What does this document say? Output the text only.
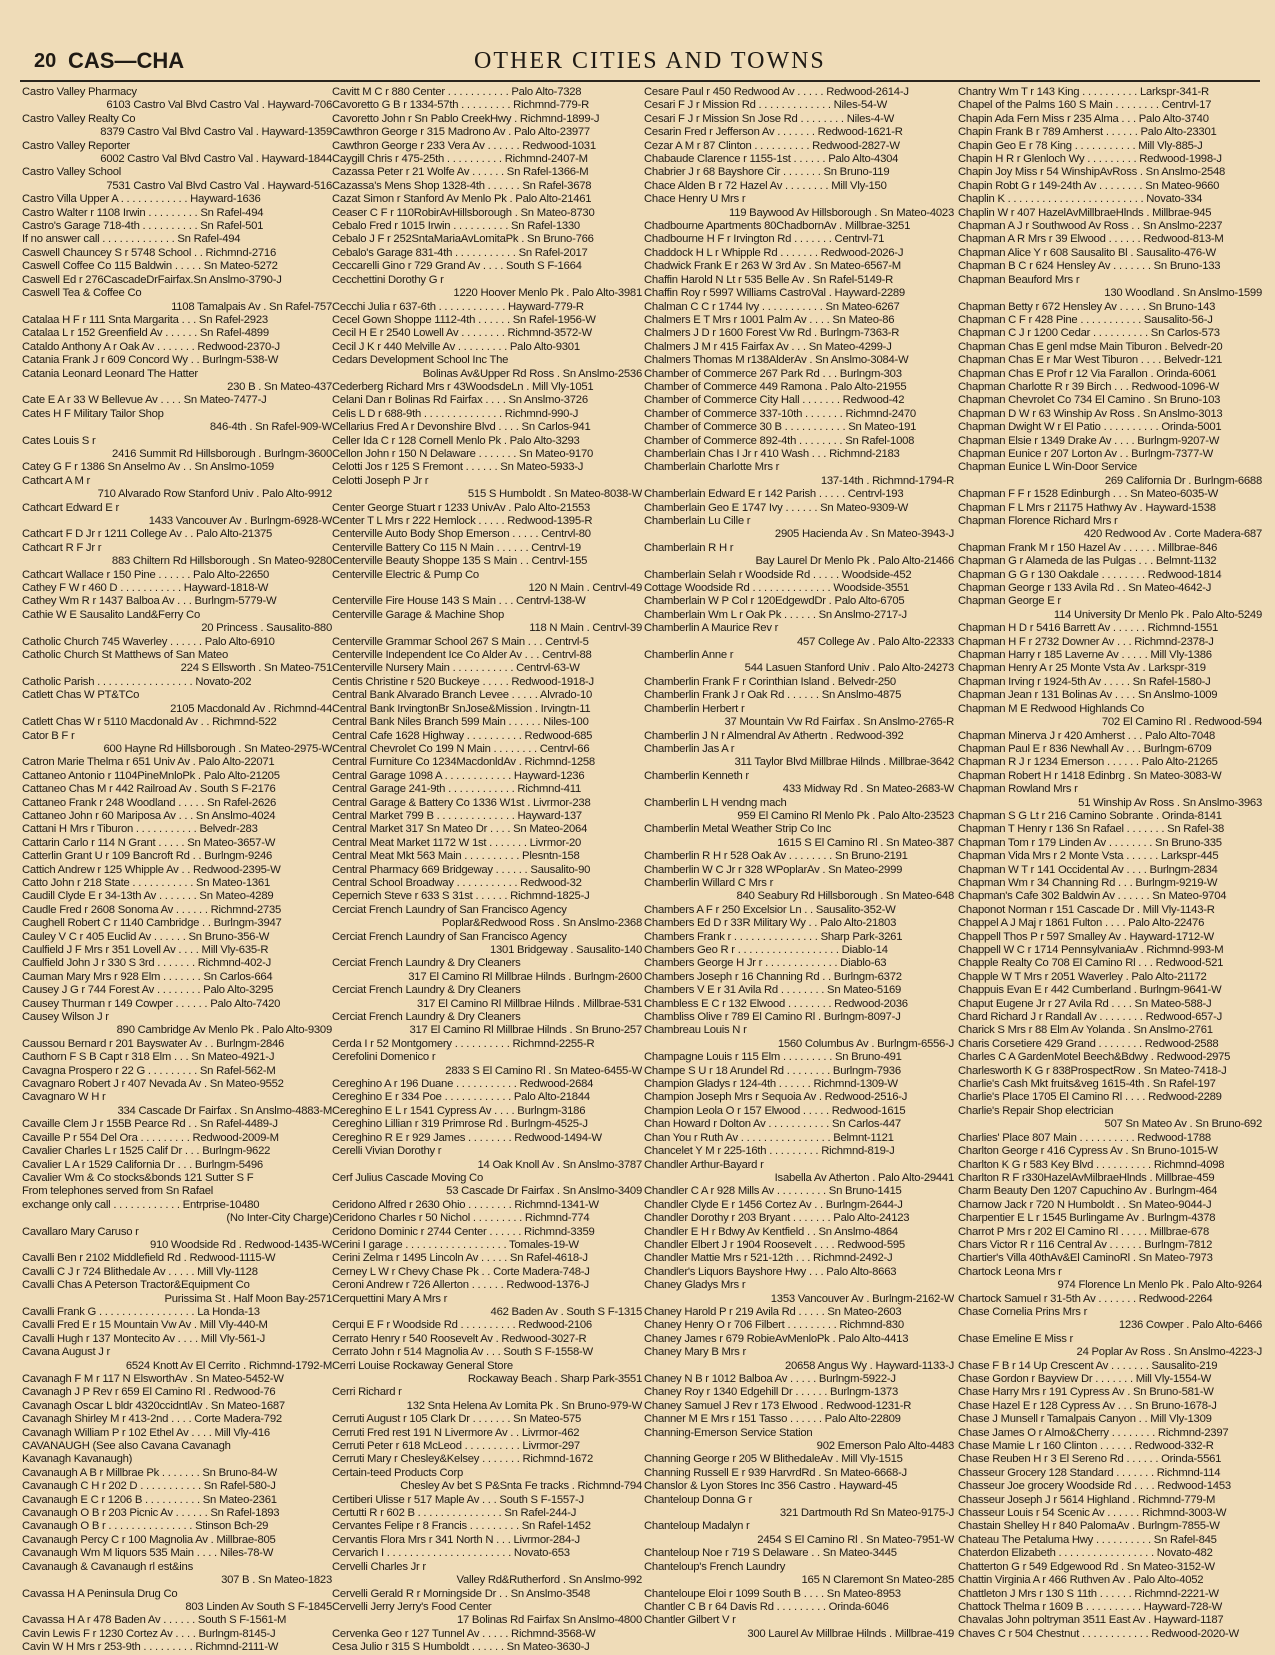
20 CAS—CHA	OTHER CITIES AND TOWNS
Castro Valley Pharmacy
6103 Castro Val Blvd Castro Val . Hayward-706
Castro Valley Realty Co
8379 Castro Val Blvd Castro Val . Hayward-1359
Castro Valley Reporter
6002 Castro Val Blvd Castro Val . Hayward-1844
Castro Valley School
7531 Castro Val Blvd Castro Val . Hayward-516
Castro Villa Upper A . . . . . . . . . . . . Hayward-1636
Castro Walter r 1108 Irwin . . . . . . . . . Sn Rafel-494
Castro's Garage 718-4th . . . . . . . . . . Sn Rafel-501
If no answer call . . . . . . . . . . . . . Sn Rafel-494
Caswell Chauncey S r 5748 School . . Richmnd-2716
Caswell Coffee Co 115 Baldwin . . . . . Sn Mateo-5272
Caswell Ed r 276CascadeDrFairfax.Sn Anslmo-3790-J
Caswell Tea & Coffee Co
1108 Tamalpais Av . Sn Rafel-757
Catalaa H F r 111 Snta Margarita . . . Sn Rafel-2923
Catalaa L r 152 Greenfield Av . . . . . . Sn Rafel-4899
Cataldo Anthony A r Oak Av . . . . . . . Redwood-2370-J
Catania Frank J r 609 Concord Wy . . Burlngm-538-W
Catania Leonard Leonard The Hatter
230 B . Sn Mateo-437
Cate E A r 33 W Bellevue Av . . . . Sn Mateo-7477-J
Cates H F Military Tailor Shop
846-4th . Sn Rafel-909-W
Cates Louis S r
2416 Summit Rd Hillsborough . Burlngm-3600
Catey G F r 1386 Sn Anselmo Av . . Sn Anslmo-1059
Cathcart A M r
710 Alvarado Row Stanford Univ . Palo Alto-9912
Cathcart Edward E r
1433 Vancouver Av . Burlngm-6928-W
Cathcart F D Jr r 1211 College Av . . Palo Alto-21375
Cathcart R F Jr r
883 Chiltern Rd Hillsborough . Sn Mateo-9280
Cathcart Wallace r 150 Pine . . . . . . Palo Alto-22650
Cathey F W r 460 D . . . . . . . . . . . Hayward-1818-W
Cathey Wm R r 1437 Balboa Av . . . Burlngm-5779-W
Cathie W E Sausalito Land&Ferry Co
20 Princess . Sausalito-880
Catholic Church 745 Waverley . . . . . . Palo Alto-6910
Catholic Church St Matthews of San Mateo
224 S Ellsworth . Sn Mateo-751
Catholic Parish . . . . . . . . . . . . . . . . . Novato-202
Catlett Chas W PT&TCo
2105 Macdonald Av . Richmnd-44
Catlett Chas W r 5110 Macdonald Av . . Richmnd-522
Cator B F r
600 Hayne Rd Hillsborough . Sn Mateo-2975-W
Catron Marie Thelma r 651 Univ Av . Palo Alto-22071
Cattaneo Antonio r 1104PineMnloPk . Palo Alto-21205
Cattaneo Chas M r 442 Railroad Av . South S F-2176
Cattaneo Frank r 248 Woodland . . . . . Sn Rafel-2626
Cattaneo John r 60 Mariposa Av . . . Sn Anslmo-4024
Cattani H Mrs r Tiburon . . . . . . . . . . . Belvedr-283
Cattarin Carlo r 114 N Grant . . . . . Sn Mateo-3657-W
Catterlin Grant U r 109 Bancroft Rd . . Burlngm-9246
Cattich Andrew r 125 Whipple Av . . Redwood-2395-W
Catto John r 218 State . . . . . . . . . . . Sn Mateo-1361
Caudill Clyde E r 34-13th Av . . . . . . . Sn Mateo-4289
Caudle Fred r 2608 Sonoma Av . . . . . . Richmnd-2735
Caughell Robert C r 1140 Cambridge . . Burlngm-3947
Cauley V C r 405 Euclid Av . . . . . . Sn Bruno-356-W
Caulfield J F Mrs r 351 Lovell Av . . . . Mill Vly-635-R
Caulfield John J r 330 S 3rd . . . . . . . Richmnd-402-J
Cauman Mary Mrs r 928 Elm . . . . . . . Sn Carlos-664
Causey J G r 744 Forest Av . . . . . . . . Palo Alto-3295
Causey Thurman r 149 Cowper . . . . . . Palo Alto-7420
Causey Wilson J r
890 Cambridge Av Menlo Pk . Palo Alto-9309
Caussou Bernard r 201 Bayswater Av . . Burlngm-2846
Cauthorn F S B Capt r 318 Elm . . . Sn Mateo-4921-J
Cavagna Prospero r 22 G . . . . . . . . . Sn Rafel-562-M
Cavagnaro Robert J r 407 Nevada Av . Sn Mateo-9552
Cavagnaro W H r
334 Cascade Dr Fairfax . Sn Anslmo-4883-M
Cavaille Clem J r 155B Pearce Rd . . Sn Rafel-4489-J
Cavaille P r 554 Del Ora . . . . . . . . . Redwood-2009-M
Cavalier Charles L r 1525 Calif Dr . . . Burlngm-9622
Cavalier L A r 1529 California Dr . . . Burlngm-5496
Cavalier Wm & Co stocks&bonds 121 Sutter S F
From telephones served from Sn Rafael
exchange only call . . . . . . . . . . . . Entrprise-10480
(No Inter-City Charge)
Cavallaro Mary Caruso r
910 Woodside Rd . Redwood-1435-W
Cavalli Ben r 2102 Middlefield Rd . Redwood-1115-W
Cavalli C J r 724 Blithedale Av . . . . . Mill Vly-1128
Cavalli Chas A Peterson Tractor&Equipment Co
Purissima St . Half Moon Bay-2571
Cavalli Frank G . . . . . . . . . . . . . . . . . La Honda-13
Cavalli Fred E r 15 Mountain Vw Av . Mill Vly-440-M
Cavalli Hugh r 137 Montecito Av . . . . Mill Vly-561-J
Cavana August J r
6524 Knott Av El Cerrito . Richmnd-1792-M
Cavanagh F M r 117 N ElsworthAv . Sn Mateo-5452-W
Cavanagh J P Rev r 659 El Camino Rl . Redwood-76
Cavanagh Oscar L bldr 4320ccidntlAv . Sn Mateo-1687
Cavanagh Shirley M r 413-2nd . . . . Corte Madera-792
Cavanagh William P r 102 Ethel Av . . . . Mill Vly-416
CAVANAUGH (See also Cavana Cavanagh
Kavanagh Kavanaugh)
Cavanaugh A B r Millbrae Pk . . . . . . . Sn Bruno-84-W
Cavanaugh C H r 202 D . . . . . . . . . . . Sn Rafel-580-J
Cavanaugh E C r 1206 B . . . . . . . . . . Sn Mateo-2361
Cavanaugh O B r 203 Picnic Av . . . . . . Sn Rafel-1893
Cavanaugh O B r . . . . . . . . . . . . . . . Stinson Bch-29
Cavanaugh Percy C r 100 Magnolia Av . Millbrae-805
Cavanaugh Wm M liquors 535 Main . . . . Niles-78-W
Cavanaugh & Cavanaugh rl est&ins
307 B . Sn Mateo-1823
Cavassa H A Peninsula Drug Co
803 Linden Av South S F-1845
Cavassa H A r 478 Baden Av . . . . . . South S F-1561-M
Cavin Lewis F r 1230 Cortez Av . . . . Burlngm-8145-J
Cavin W H Mrs r 253-9th . . . . . . . . . Richmnd-2111-W
Cavitt M C r 880 Center . . . . . . . . . . . Palo Alto-7328
Cavoretto G B r 1334-57th . . . . . . . . . Richmnd-779-R
Cavoretto John r Sn Pablo CreekHwy . Richmnd-1899-J
Cawthron George r 315 Madrono Av . Palo Alto-23977
Cawthron George r 233 Vera Av . . . . . . Redwood-1031
Caygill Chris r 475-25th . . . . . . . . . . Richmnd-2407-M
Cazassa Peter r 21 Wolfe Av . . . . . . Sn Rafel-1366-M
Cazassa's Mens Shop 1328-4th . . . . . . Sn Rafel-3678
Cazat Simon r Stanford Av Menlo Pk . Palo Alto-21461
Ceaser C F r 110RobirAvHillsborough . Sn Mateo-8730
Cebalo Fred r 1015 Irwin . . . . . . . . . . Sn Rafel-1330
Cebalo J F r 252SntaMariaAvLomitaPk . Sn Bruno-766
Cebalo's Garage 831-4th . . . . . . . . . . . Sn Rafel-2017
Ceccarelli Gino r 729 Grand Av . . . . South S F-1664
Cecchettini Dorothy G r
1220 Hoover Menlo Pk . Palo Alto-3981
Cecchi Julia r 637-6th . . . . . . . . . . . . Hayward-779-R
Cecel Gown Shoppe 1112-4th . . . . . . Sn Rafel-1956-W
Cecil H E r 2540 Lowell Av . . . . . . . . Richmnd-3572-W
Cecil J K r 440 Melville Av . . . . . . . . . Palo Alto-9301
Cedars Development School Inc The
Bolinas Av&Upper Rd Ross . Sn Anslmo-2536
Cederberg Richard Mrs r 43WoodsdeLn . Mill Vly-1051
Celani Dan r Bolinas Rd Fairfax . . . . Sn Anslmo-3726
Celis L D r 688-9th . . . . . . . . . . . . . . Richmnd-990-J
Cellarius Fred A r Devonshire Blvd . . . . Sn Carlos-941
Celler Ida C r 128 Cornell Menlo Pk . Palo Alto-3293
Cellon John r 150 N Delaware . . . . . . . Sn Mateo-9170
Celotti Jos r 125 S Fremont . . . . . . Sn Mateo-5933-J
Celotti Joseph P Jr r
515 S Humboldt . Sn Mateo-8038-W
Center George Stuart r 1233 UnivAv . Palo Alto-21553
Center T L Mrs r 222 Hemlock . . . . . Redwood-1395-R
Centerville Auto Body Shop Emerson . . . . . Centrvl-80
Centerville Battery Co 115 N Main . . . . . . Centrvl-19
Centerville Beauty Shoppe 135 S Main . . Centrvl-155
Centerville Electric & Pump Co
120 N Main . Centrvl-49
Centerville Fire House 143 S Main . . . Centrvl-138-W
Centerville Garage & Machine Shop
118 N Main . Centrvl-39
Centerville Grammar School 267 S Main . . . Centrvl-5
Centerville Independent Ice Co Alder Av . . . Centrvl-88
Centerville Nursery Main . . . . . . . . . . . Centrvl-63-W
Centis Christine r 520 Buckeye . . . . . Redwood-1918-J
Central Bank Alvarado Branch Levee . . . . . Alvrado-10
Central Bank IrvingtonBr SnJose&Mission . Irvingtn-11
Central Bank Niles Branch 599 Main . . . . . . Niles-100
Central Cafe 1628 Highway . . . . . . . . . . Redwood-685
Central Chevrolet Co 199 N Main . . . . . . . . Centrvl-66
Central Furniture Co 1234MacdonldAv . Richmnd-1258
Central Garage 1098 A . . . . . . . . . . . . Hayward-1236
Central Garage 241-9th . . . . . . . . . . . . Richmnd-411
Central Garage & Battery Co 1336 W1st . Livrmor-238
Central Market 799 B . . . . . . . . . . . . . . Hayward-137
Central Market 317 Sn Mateo Dr . . . . Sn Mateo-2064
Central Meat Market 1172 W 1st . . . . . . . Livrmor-20
Central Meat Mkt 563 Main . . . . . . . . . . Plesntn-158
Central Pharmacy 669 Bridgeway . . . . . . Sausalito-90
Central School Broadway . . . . . . . . . . . Redwood-32
Cepernich Steve r 633 S 31st . . . . . . Richmnd-1825-J
Cerciat French Laundry of San Francisco Agency
Poplar&Redwood Ross . Sn Anslmo-2368
Cerciat French Laundry of San Francisco Agency
1301 Bridgeway . Sausalito-140
Cerciat French Laundry & Dry Cleaners
317 El Camino Rl Millbrae Hilnds . Burlngm-2600
Cerciat French Laundry & Dry Cleaners
317 El Camino Rl Millbrae Hilnds . Millbrae-531
Cerciat French Laundry & Dry Cleaners
317 El Camino Rl Millbrae Hilnds . Sn Bruno-257
Cerda I r 52 Montgomery . . . . . . . . . . Richmnd-2255-R
Cerefolini Domenico r
2833 S El Camino Rl . Sn Mateo-6455-W
Cereghino A r 196 Duane . . . . . . . . . . . Redwood-2684
Cereghino E r 334 Poe . . . . . . . . . . . . Palo Alto-21844
Cereghino E L r 1541 Cypress Av . . . . Burlngm-3186
Cereghino Lillian r 319 Primrose Rd . Burlngm-4525-J
Cereghino R E r 929 James . . . . . . . . Redwood-1494-W
Cerelli Vivian Dorothy r
14 Oak Knoll Av . Sn Anslmo-3787
Cerf Julius Cascade Moving Co
53 Cascade Dr Fairfax . Sn Anslmo-3409
Ceridono Alfred r 2630 Ohio . . . . . . . . Richmnd-1341-W
Ceridono Charles r 50 Nichol . . . . . . . . . Richmnd-774
Ceridono Dominic r 2744 Center . . . . . . Richmnd-3359
Cerini I garage . . . . . . . . . . . . . . . . . . Tomales-19-W
Cerini Zelma r 1495 Lincoln Av . . . . . Sn Rafel-4618-J
Cerney L W r Chevy Chase Pk . . Corte Madera-748-J
Ceroni Andrew r 726 Allerton . . . . . . Redwood-1376-J
Cerquettini Mary A Mrs r
462 Baden Av . South S F-1315
Cerqui E F r Woodside Rd . . . . . . . . . . Redwood-2106
Cerrato Henry r 540 Roosevelt Av . Redwood-3027-R
Cerrato John r 514 Magnolia Av . . . South S F-1558-W
Cerri Louise Rockaway General Store
Rockaway Beach . Sharp Park-3551
Cerri Richard r
132 Snta Helena Av Lomita Pk . Sn Bruno-979-W
Cerruti August r 105 Clark Dr . . . . . . . Sn Mateo-575
Cerruti Fred rest 191 N Livermore Av . . Livrmor-462
Cerruti Peter r 618 McLeod . . . . . . . . . . Livrmor-297
Cerruti Mary r Chesley&Kelsey . . . . . . . Richmnd-1672
Certain-teed Products Corp
Chesley Av bet S P&Snta Fe tracks . Richmnd-794
Certiberi Ulisse r 517 Maple Av . . . South S F-1557-J
Certutti R r 602 B . . . . . . . . . . . . . . . Sn Rafel-244-J
Cervantes Felipe r 8 Francis . . . . . . . . . Sn Rafel-1452
Cervantis Flora Mrs r 341 North N . . . Livrmor-284-J
Cervarich I . . . . . . . . . . . . . . . . . . . . . . Novato-653
Cervelli Charles Jr r
Valley Rd&Rutherford . Sn Anslmo-992
Cervelli Gerald R r Morningside Dr . . Sn Anslmo-3548
Cervelli Jerry Jerry's Food Center
17 Bolinas Rd Fairfax Sn Anslmo-4800
Cervenka Geo r 127 Tunnel Av . . . . . Richmnd-3568-W
Cesa Julio r 315 S Humboldt . . . . . . Sn Mateo-3630-J
Cesare Paul r 450 Redwood Av . . . . . Redwood-2614-J
Cesari F J r Mission Rd . . . . . . . . . . . . . Niles-54-W
Cesari F J r Mission Sn Jose Rd . . . . . . . . Niles-4-W
Cesarin Fred r Jefferson Av . . . . . . . Redwood-1621-R
Cezar A M r 87 Clinton . . . . . . . . . . Redwood-2827-W
Chabaude Clarence r 1155-1st . . . . . . Palo Alto-4304
Chabrier J r 68 Bayshore Cir . . . . . . . Sn Bruno-119
Chace Alden B r 72 Hazel Av . . . . . . . . Mill Vly-150
Chace Henry U Mrs r
119 Baywood Av Hillsborough . Sn Mateo-4023
Chadbourne Apartments 80ChadbornAv . Millbrae-3251
Chadbourne H F r Irvington Rd . . . . . . . Centrvl-71
Chaddock H L r Whipple Rd . . . . . . . Redwood-2026-J
Chadwick Frank E r 263 W 3rd Av . Sn Mateo-6567-M
Chaffin Harold N Lt r 535 Belle Av . Sn Rafel-5149-R
Chaffin Roy r 5997 Williams CastroVal . Hayward-2289
Chalman C C r 1744 Ivy . . . . . . . . . . . Sn Mateo-6267
Chalmers E T Mrs r 1001 Palm Av . . . . Sn Mateo-86
Chalmers J D r 1600 Forest Vw Rd . Burlngm-7363-R
Chalmers J M r 415 Fairfax Av . . . Sn Mateo-4299-J
Chalmers Thomas M r138AlderAv . Sn Anslmo-3084-W
Chamber of Commerce 267 Park Rd . . . Burlngm-303
Chamber of Commerce 449 Ramona . Palo Alto-21955
Chamber of Commerce City Hall . . . . . . . Redwood-42
Chamber of Commerce 337-10th . . . . . . . Richmnd-2470
Chamber of Commerce 30 B . . . . . . . . . . . Sn Mateo-191
Chamber of Commerce 892-4th . . . . . . . . Sn Rafel-1008
Chamberlain Chas I Jr r 410 Wash . . . Richmnd-2183
Chamberlain Charlotte Mrs r
137-14th . Richmnd-1794-R
Chamberlain Edward E r 142 Parish . . . . . Centrvl-193
Chamberlain Geo E 1747 Ivy . . . . . . Sn Mateo-9309-W
Chamberlain Lu Cille r
2905 Hacienda Av . Sn Mateo-3943-J
Chamberlain R H r
Bay Laurel Dr Menlo Pk . Palo Alto-21466
Chamberlain Selah r Woodside Rd . . . . . Woodside-452
Cottage Woodside Rd . . . . . . . . . . . . . . Woodside-3551
Chamberlain W P Col r 120EdgewdDr . Palo Alto-6705
Chamberlain Wm L r Oak Pk . . . . . . Sn Anslmo-2717-J
Chamberlin A Maurice Rev r
457 College Av . Palo Alto-22333
Chamberlin Anne r
544 Lasuen Stanford Univ . Palo Alto-24273
Chamberlin Frank F r Corinthian Island . Belvedr-250
Chamberlin Frank J r Oak Rd . . . . . . Sn Anslmo-4875
Chamberlin Herbert r
37 Mountain Vw Rd Fairfax . Sn Anslmo-2765-R
Chamberlin J N r Almendral Av Athertn . Redwood-392
Chamberlin Jas A r
311 Taylor Blvd Millbrae Hilnds . Millbrae-3642
Chamberlin Kenneth r
433 Midway Rd . Sn Mateo-2683-W
Chamberlin L H vendng mach
959 El Camino Rl Menlo Pk . Palo Alto-23523
Chamberlin Metal Weather Strip Co Inc
1615 S El Camino Rl . Sn Mateo-387
Chamberlin R H r 528 Oak Av . . . . . . . . Sn Bruno-2191
Chamberlin W C Jr r 328 WPoplarAv . Sn Mateo-2999
Chamberlin Willard C Mrs r
840 Seabury Rd Hillsborough . Sn Mateo-648
Chambers A F r 250 Excelsior Ln . . Sausalito-352-W
Chambers Ed D r 33R Military Wy . . Palo Alto-21803
Chambers Frank r . . . . . . . . . . . . . . . Sharp Park-3261
Chambers Geo R r . . . . . . . . . . . . . . . . . . Diablo-14
Chambers George H Jr r . . . . . . . . . . . . . Diablo-63
Chambers Joseph r 16 Channing Rd . . Burlngm-6372
Chambers V E r 31 Avila Rd . . . . . . . . Sn Mateo-5169
Chambless E C r 132 Elwood . . . . . . . . Redwood-2036
Chambliss Olive r 789 El Camino Rl . Burlngm-8097-J
Chambreau Louis N r
1560 Columbus Av . Burlngm-6556-J
Champagne Louis r 115 Elm . . . . . . . . . Sn Bruno-491
Champe S U r 18 Arundel Rd . . . . . . . . Burlngm-7936
Champion Gladys r 124-4th . . . . . . Richmnd-1309-W
Champion Joseph Mrs r Sequoia Av . Redwood-2516-J
Champion Leola O r 157 Elwood . . . . . Redwood-1615
Chan Howard r Dolton Av . . . . . . . . . . . Sn Carlos-447
Chan You r Ruth Av . . . . . . . . . . . . . . . . Belmnt-1121
Chancelet Y M r 225-16th . . . . . . . . . Richmnd-819-J
Chandler Arthur-Bayard r
Isabella Av Atherton . Palo Alto-29441
Chandler C A r 928 Mills Av . . . . . . . . . Sn Bruno-1415
Chandler Clyde E r 1456 Cortez Av . . Burlngm-2644-J
Chandler Dorothy r 203 Bryant . . . . . . . Palo Alto-24123
Chandler E H r Bdwy Av Kentfield . . Sn Anslmo-4864
Chandler Elbert J r 1904 Roosevelt . . . . Redwood-595
Chandler Mattie Mrs r 521-12th . . . Richmnd-2492-J
Chandler's Liquors Bayshore Hwy . . . Palo Alto-8663
Chaney Gladys Mrs r
1353 Vancouver Av . Burlngm-2162-W
Chaney Harold P r 219 Avila Rd . . . . . Sn Mateo-2603
Chaney Henry O r 706 Filbert . . . . . . . . . Richmnd-830
Chaney James r 679 RobieAvMenloPk . Palo Alto-4413
Chaney Mary B Mrs r
20658 Angus Wy . Hayward-1133-J
Chaney N B r 1012 Balboa Av . . . . . Burlngm-5922-J
Chaney Roy r 1340 Edgehill Dr . . . . . . Burlngm-1373
Chaney Samuel J Rev r 173 Elwood . Redwood-1231-R
Channer M E Mrs r 151 Tasso . . . . . . Palo Alto-22809
Channing-Emerson Service Station
902 Emerson Palo Alto-4483
Channing George r 205 W BlithedaleAv . Mill Vly-1515
Channing Russell E r 939 HarvrdRd . Sn Mateo-6668-J
Chanslor & Lyon Stores Inc 356 Castro . Hayward-45
Chanteloup Donna G r
321 Dartmouth Rd Sn Mateo-9175-J
Chanteloup Madalyn r
2454 S El Camino Rl . Sn Mateo-7951-W
Chanteloup Noe r 719 S Delaware . . Sn Mateo-3445
Chanteloup's French Laundry
165 N Claremont Sn Mateo-285
Chanteloupe Eloi r 1099 South B . . . . Sn Mateo-8953
Chantler C B r 64 Davis Rd . . . . . . . . . Orinda-6046
Chantler Gilbert V r
300 Laurel Av Millbrae Hilnds . Millbrae-419
Chantry Wm T r 143 King . . . . . . . . . . Larkspr-341-R
Chapel of the Palms 160 S Main . . . . . . . . Centrvl-17
Chapin Ada Fern Miss r 235 Alma . . . Palo Alto-3740
Chapin Frank B r 789 Amherst . . . . . . Palo Alto-23301
Chapin Geo E r 78 King . . . . . . . . . . . Mill Vly-885-J
Chapin H R r Glenloch Wy . . . . . . . . . Redwood-1998-J
Chapin Joy Miss r 54 WinshipAvRoss . Sn Anslmo-2548
Chapin Robt G r 149-24th Av . . . . . . . . Sn Mateo-9660
Chaplin K . . . . . . . . . . . . . . . . . . . . . . . . Novato-334
Chaplin W r 407 HazelAvMillbraeHlnds . Millbrae-945
Chapman A J r Southwood Av Ross . . Sn Anslmo-2237
Chapman A R Mrs r 39 Elwood . . . . . . Redwood-813-M
Chapman Alice Y r 608 Sausalito Bl . Sausalito-476-W
Chapman B C r 624 Hensley Av . . . . . . . Sn Bruno-133
Chapman Beauford Mrs r
130 Woodland . Sn Anslmo-1599
Chapman Betty r 672 Hensley Av . . . . . Sn Bruno-143
Chapman C F r 428 Pine . . . . . . . . . . . Sausalito-56-J
Chapman C J r 1200 Cedar . . . . . . . . . . Sn Carlos-573
Chapman Chas E genl mdse Main Tiburon . Belvedr-20
Chapman Chas E r Mar West Tiburon . . . . Belvedr-121
Chapman Chas E Prof r 12 Via Farallon . Orinda-6061
Chapman Charlotte R r 39 Birch . . . Redwood-1096-W
Chapman Chevrolet Co 734 El Camino . Sn Bruno-103
Chapman D W r 63 Winship Av Ross . Sn Anslmo-3013
Chapman Dwight W r El Patio . . . . . . . . . . Orinda-5001
Chapman Elsie r 1349 Drake Av . . . . Burlngm-9207-W
Chapman Eunice r 207 Lorton Av . . Burlngm-7377-W
Chapman Eunice L Win-Door Service
269 California Dr . Burlngm-6688
Chapman F F r 1528 Edinburgh . . . Sn Mateo-6035-W
Chapman F L Mrs r 21175 Hathwy Av . Hayward-1538
Chapman Florence Richard Mrs r
420 Redwood Av . Corte Madera-687
Chapman Frank M r 150 Hazel Av . . . . . . Millbrae-846
Chapman G r Alameda de las Pulgas . . . Belmnt-1132
Chapman G G r 130 Oakdale . . . . . . . . Redwood-1814
Chapman George r 133 Avila Rd . . Sn Mateo-4642-J
Chapman George E r
114 University Dr Menlo Pk . Palo Alto-5249
Chapman H D r 5416 Barrett Av . . . . . . Richmnd-1551
Chapman H F r 2732 Downer Av . . . Richmnd-2378-J
Chapman Harry r 185 Laverne Av . . . . . Mill Vly-1386
Chapman Henry A r 25 Monte Vsta Av . Larkspr-319
Chapman Irving r 1924-5th Av . . . . . Sn Rafel-1580-J
Chapman Jean r 131 Bolinas Av . . . . Sn Anslmo-1009
Chapman M E Redwood Highlands Co
702 El Camino Rl . Redwood-594
Chapman Minerva J r 420 Amherst . . . Palo Alto-7048
Chapman Paul E r 836 Newhall Av . . . Burlngm-6709
Chapman R J r 1234 Emerson . . . . . . Palo Alto-21265
Chapman Robert H r 1418 Edinbrg . Sn Mateo-3083-W
Chapman Rowland Mrs r
51 Winship Av Ross . Sn Anslmo-3963
Chapman S G Lt r 216 Camino Sobrante . Orinda-8141
Chapman T Henry r 136 Sn Rafael . . . . . . . Sn Rafel-38
Chapman Tom r 179 Linden Av . . . . . . . . Sn Bruno-335
Chapman Vida Mrs r 2 Monte Vsta . . . . . . Larkspr-445
Chapman W T r 141 Occidental Av . . . . Burlngm-2834
Chapman Wm r 34 Channing Rd . . . Burlngm-9219-W
Chapman's Cafe 302 Baldwin Av . . . . . . Sn Mateo-9704
Chaponot Norman r 151 Cascade Dr . Mill Vly-1143-R
Chappel A J Maj r 1861 Fulton . . . . Palo Alto-22476
Chappell Thos P r 597 Smalley Av . Hayward-1712-W
Chappell W C r 1714 PennsylvaniaAv . Richmnd-993-M
Chapple Realty Co 708 El Camino Rl . . . Redwood-521
Chapple W T Mrs r 2051 Waverley . Palo Alto-21172
Chappuis Evan E r 442 Cumberland . Burlngm-9641-W
Chaput Eugene Jr r 27 Avila Rd . . . . Sn Mateo-588-J
Chard Richard J r Randall Av . . . . . . . . Redwood-657-J
Charick S Mrs r 88 Elm Av Yolanda . Sn Anslmo-2761
Charis Corsetiere 429 Grand . . . . . . . . Redwood-2588
Charles C A GardenMotel Beech&Bdwy . Redwood-2975
Charlesworth K G r 838ProspectRow . Sn Mateo-7418-J
Charlie's Cash Mkt fruits&veg 1615-4th . Sn Rafel-197
Charlie's Place 1705 El Camino Rl . . . . Redwood-2289
Charlie's Repair Shop electrician
507 Sn Mateo Av . Sn Bruno-692
Charlies' Place 807 Main . . . . . . . . . . Redwood-1788
Charlton George r 416 Cypress Av . Sn Bruno-1015-W
Charlton K G r 583 Key Blvd . . . . . . . . . . Richmnd-4098
Charlton R F r330HazelAvMilbraeHlnds . Millbrae-459
Charm Beauty Den 1207 Capuchino Av . Burlngm-464
Charnow Jack r 720 N Humboldt . . Sn Mateo-9044-J
Charpentier E L r 1545 Burlingame Av . Burlngm-4378
Charrot P Mrs r 202 El Camino Rl . . . . . Millbrae-678
Chars Victor R r 116 Central Av . . . . . . Burlngm-7812
Chartier's Villa 40thAv&El CaminoRl . Sn Mateo-7973
Chartock Leona Mrs r
974 Florence Ln Menlo Pk . Palo Alto-9264
Chartock Samuel r 31-5th Av . . . . . . . Redwood-2264
Chase Cornelia Prins Mrs r
1236 Cowper . Palo Alto-6466
Chase Emeline E Miss r
24 Poplar Av Ross . Sn Anslmo-4223-J
Chase F B r 14 Up Crescent Av . . . . . . . Sausalito-219
Chase Gordon r Bayview Dr . . . . . . . Mill Vly-1554-W
Chase Harry Mrs r 191 Cypress Av . Sn Bruno-581-W
Chase Hazel E r 128 Cypress Av . . . Sn Bruno-1678-J
Chase J Munsell r Tamalpais Canyon . . Mill Vly-1309
Chase James O r Almo&Cherry . . . . . . . . Richmnd-2397
Chase Mamie L r 160 Clinton . . . . . . Redwood-332-R
Chase Reuben H r 3 El Sereno Rd . . . . . . Orinda-5561
Chasseur Grocery 128 Standard . . . . . . . Richmnd-114
Chasseur Joe grocery Woodside Rd . . . . Redwood-1453
Chasseur Joseph J r 5614 Highland . Richmnd-779-M
Chasseur Louis r 54 Scenic Av . . . . . . Richmnd-3003-W
Chastain Shelley H r 840 PalomaAv . Burlngm-7855-W
Chateau The Petaluma Hwy . . . . . . . . . . Sn Rafel-845
Chaterdon Elizabeth . . . . . . . . . . . . . . . . . Novato-482
Chatterton G r 549 Edgewood Rd . Sn Mateo-3152-W
Chattin Virginia A r 466 Ruthven Av . Palo Alto-4052
Chattleton J Mrs r 130 S 11th . . . . . . Richmnd-2221-W
Chattock Thelma r 1609 B . . . . . . . . . . Hayward-728-W
Chavalas John poltryman 3511 East Av . Hayward-1187
Chaves C r 504 Chestnut . . . . . . . . . . . . Redwood-2020-W
